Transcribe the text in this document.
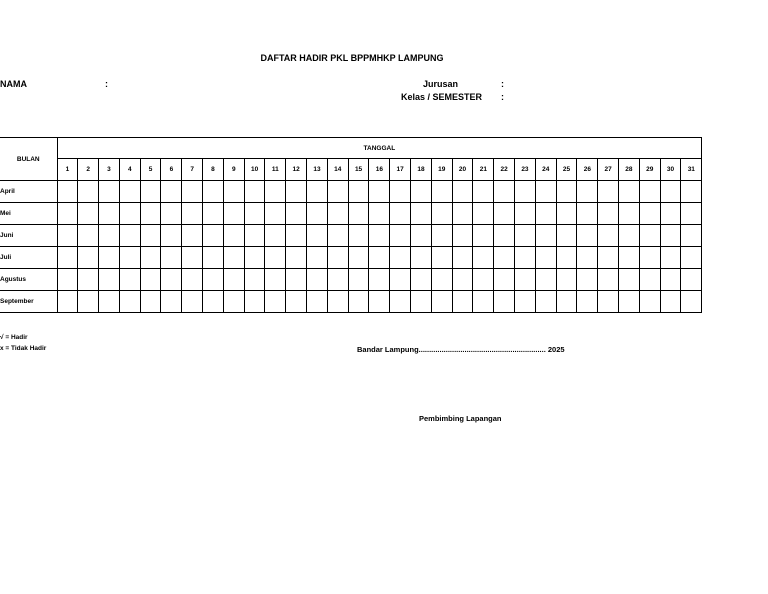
DAFTAR HADIR PKL BPPMHKP LAMPUNG
NAMA	:	Jurusan	:
Kelas / SEMESTER :
BULAN	TANGGAL																														
	1	2	3	4	5	6	7	8	9	10	11	12	13	14	15	16	17	18	19	20	21	22	23	24	25	26	27	28	29	30	31
April																															
Mei																															
Juni																															
Juli																															
Agustus																															
September																															
√ = Hadir
x = Tidak Hadir	Bandar Lampung............................................................. 2025
Pembimbing Lapangan
